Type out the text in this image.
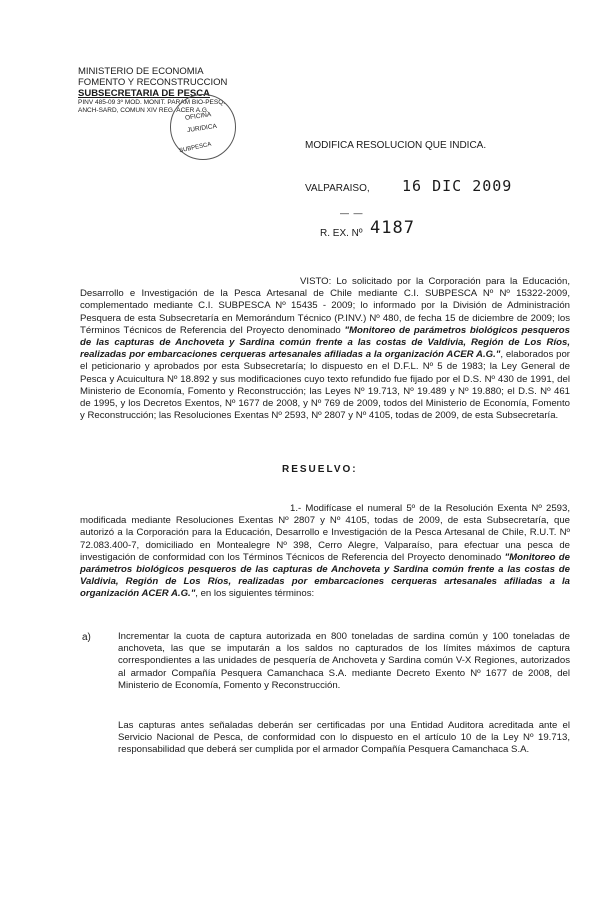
MINISTERIO DE ECONOMIA
FOMENTO Y RECONSTRUCCION
SUBSECRETARIA DE PESCA
PINV 485-09 3º MOD. MONIT. PARAM BIO-PESQ.
ANCH-SARD, COMUN XIV REG. ACER A.G.
OFICINA
JURIDICA
SUBPESCA	MODIFICA RESOLUCION QUE INDICA.
VALPARAISO, 16 DIC 2009
— —
R. EX. Nº 4187
VISTO: Lo solicitado por la Corporación para la Educación, Desarrollo e Investigación de la Pesca Artesanal de Chile mediante C.I. SUBPESCA Nº Nº 15322-2009, complementado mediante C.I. SUBPESCA Nº 15435 - 2009; lo informado por la División de Administración Pesquera de esta Subsecretaría en Memorándum Técnico (P.INV.) Nº 480, de fecha 15 de diciembre de 2009; los Términos Técnicos de Referencia del Proyecto denominado "Monitoreo de parámetros biológicos pesqueros de las capturas de Anchoveta y Sardina común frente a las costas de Valdivia, Región de Los Ríos, realizadas por embarcaciones cerqueras artesanales afiliadas a la organización ACER A.G.", elaborados por el peticionario y aprobados por esta Subsecretaría; lo dispuesto en el D.F.L. Nº 5 de 1983; la Ley General de Pesca y Acuicultura Nº 18.892 y sus modificaciones cuyo texto refundido fue fijado por el D.S. Nº 430 de 1991, del Ministerio de Economía, Fomento y Reconstrucción; las Leyes Nº 19.713, Nº 19.489 y Nº 19.880; el D.S. Nº 461 de 1995, y los Decretos Exentos, Nº 1677 de 2008, y Nº 769 de 2009, todos del Ministerio de Economía, Fomento y Reconstrucción; las Resoluciones Exentas Nº 2593, Nº 2807 y Nº 4105, todas de 2009, de esta Subsecretaría.
RESUELVO:
1.- Modifícase el numeral 5º de la Resolución Exenta Nº 2593, modificada mediante Resoluciones Exentas Nº 2807 y Nº 4105, todas de 2009, de esta Subsecretaría, que autorizó a la Corporación para la Educación, Desarrollo e Investigación de la Pesca Artesanal de Chile, R.U.T. Nº 72.083.400-7, domiciliado en Montealegre Nº 398, Cerro Alegre, Valparaíso, para efectuar una pesca de investigación de conformidad con los Términos Técnicos de Referencia del Proyecto denominado "Monitoreo de parámetros biológicos pesqueros de las capturas de Anchoveta y Sardina común frente a las costas de Valdivia, Región de Los Ríos, realizadas por embarcaciones cerqueras artesanales afiliadas a la organización ACER A.G.", en los siguientes términos:
a)	Incrementar la cuota de captura autorizada en 800 toneladas de sardina común y 100 toneladas de anchoveta, las que se imputarán a los saldos no capturados de los límites máximos de captura correspondientes a las unidades de pesquería de Anchoveta y Sardina común V-X Regiones, autorizados al armador Compañía Pesquera Camanchaca S.A. mediante Decreto Exento Nº 1677 de 2008, del Ministerio de Economía, Fomento y Reconstrucción.
Las capturas antes señaladas deberán ser certificadas por una Entidad Auditora acreditada ante el Servicio Nacional de Pesca, de conformidad con lo dispuesto en el artículo 10 de la Ley Nº 19.713, responsabilidad que deberá ser cumplida por el armador Compañía Pesquera Camanchaca S.A.
